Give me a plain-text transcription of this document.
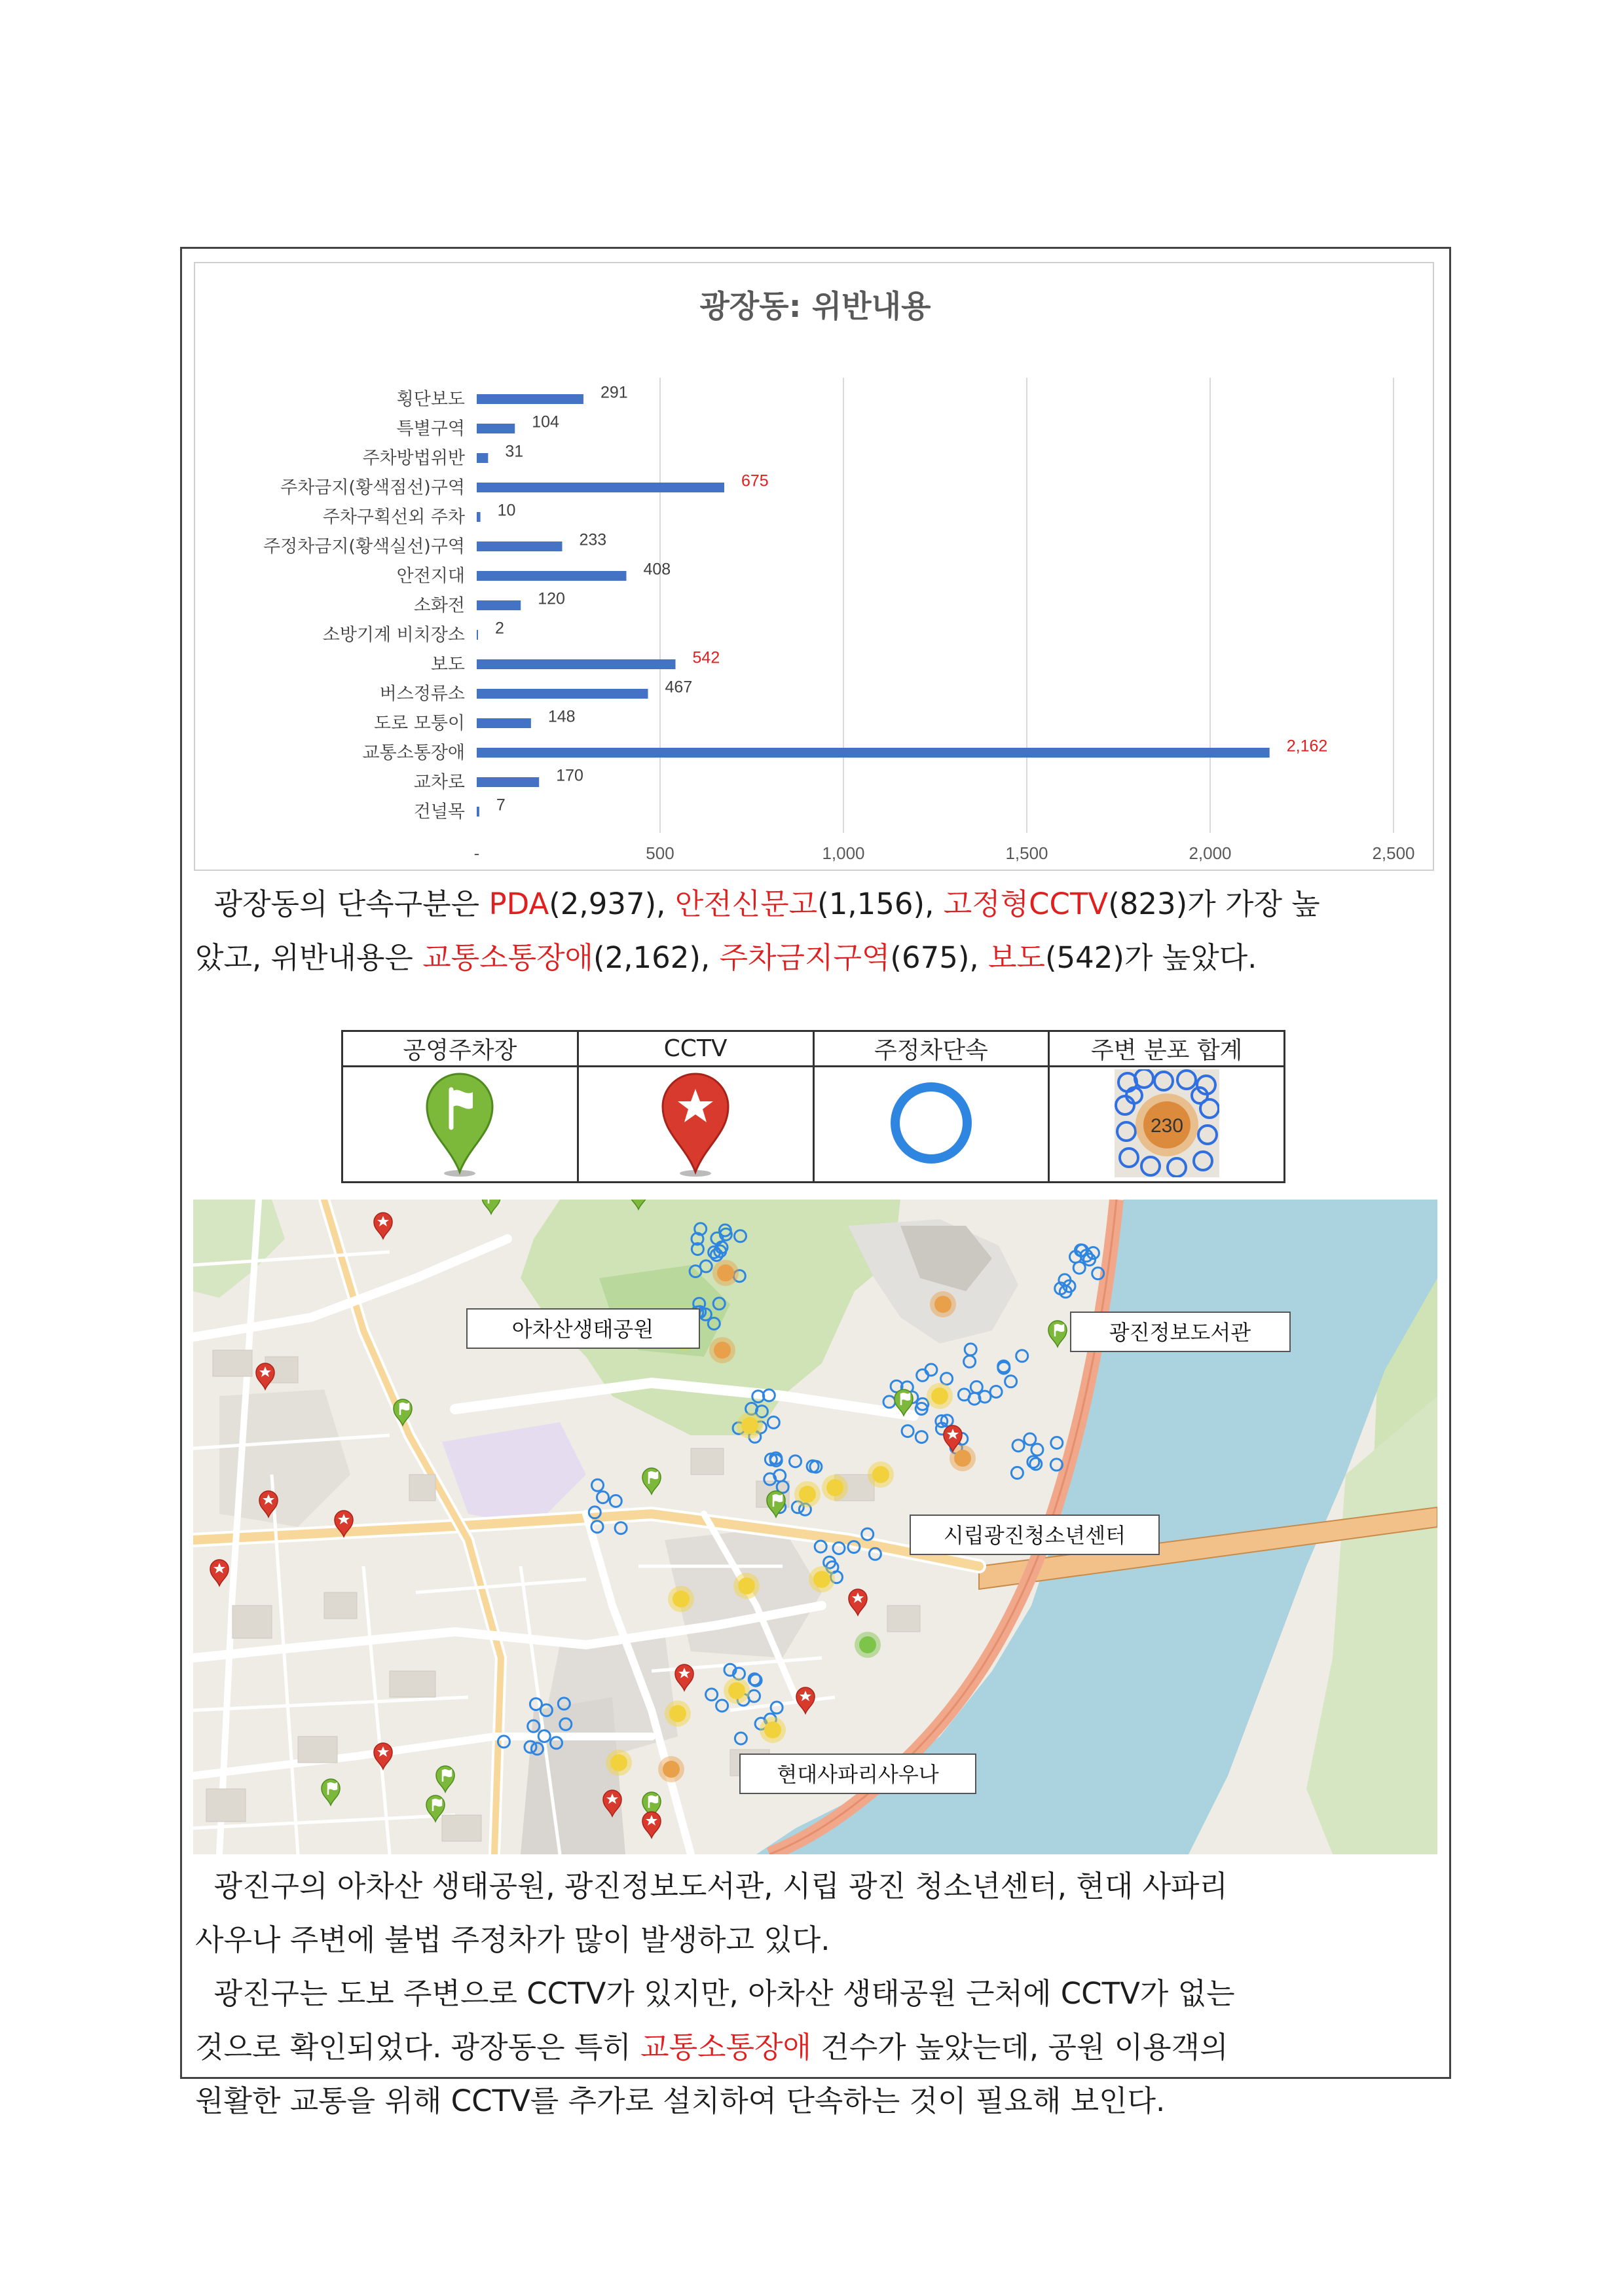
광장동: 위반내용
-	500	1,000	1,500	2,000	2,500
횡단보도	291
특별구역	104
주차방법위반 31
주차금지(황색점선)구역	675
주차구획선외 주차 10
주정차금지(황색실선)구역	233
안전지대	408
소화전	120
소방기계 비치장소 2
보도	542
버스정류소	467
도로 모퉁이	148
교통소통장애	2,162
교차로	170
건널목 7
광장동의 단속구분은 PDA(2,937), 안전신문고(1,156), 고정형CCTV(823)가 가장 높
았고, 위반내용은 교통소통장애(2,162), 주차금지구역(675), 보도(542)가 높았다.
공영주차장	CCTV	주정차단속	주변 분포 합계

230
아차산생태공원	광진정보도서관
시립광진청소년센터
현대사파리사우나
광진구의 아차산 생태공원, 광진정보도서관, 시립 광진 청소년센터, 현대 사파리
사우나 주변에 불법 주정차가 많이 발생하고 있다.
광진구는 도보 주변으로 CCTV가 있지만, 아차산 생태공원 근처에 CCTV가 없는
것으로 확인되었다. 광장동은 특히 교통소통장애 건수가 높았는데, 공원 이용객의
원활한 교통을 위해 CCTV를 추가로 설치하여 단속하는 것이 필요해 보인다.
